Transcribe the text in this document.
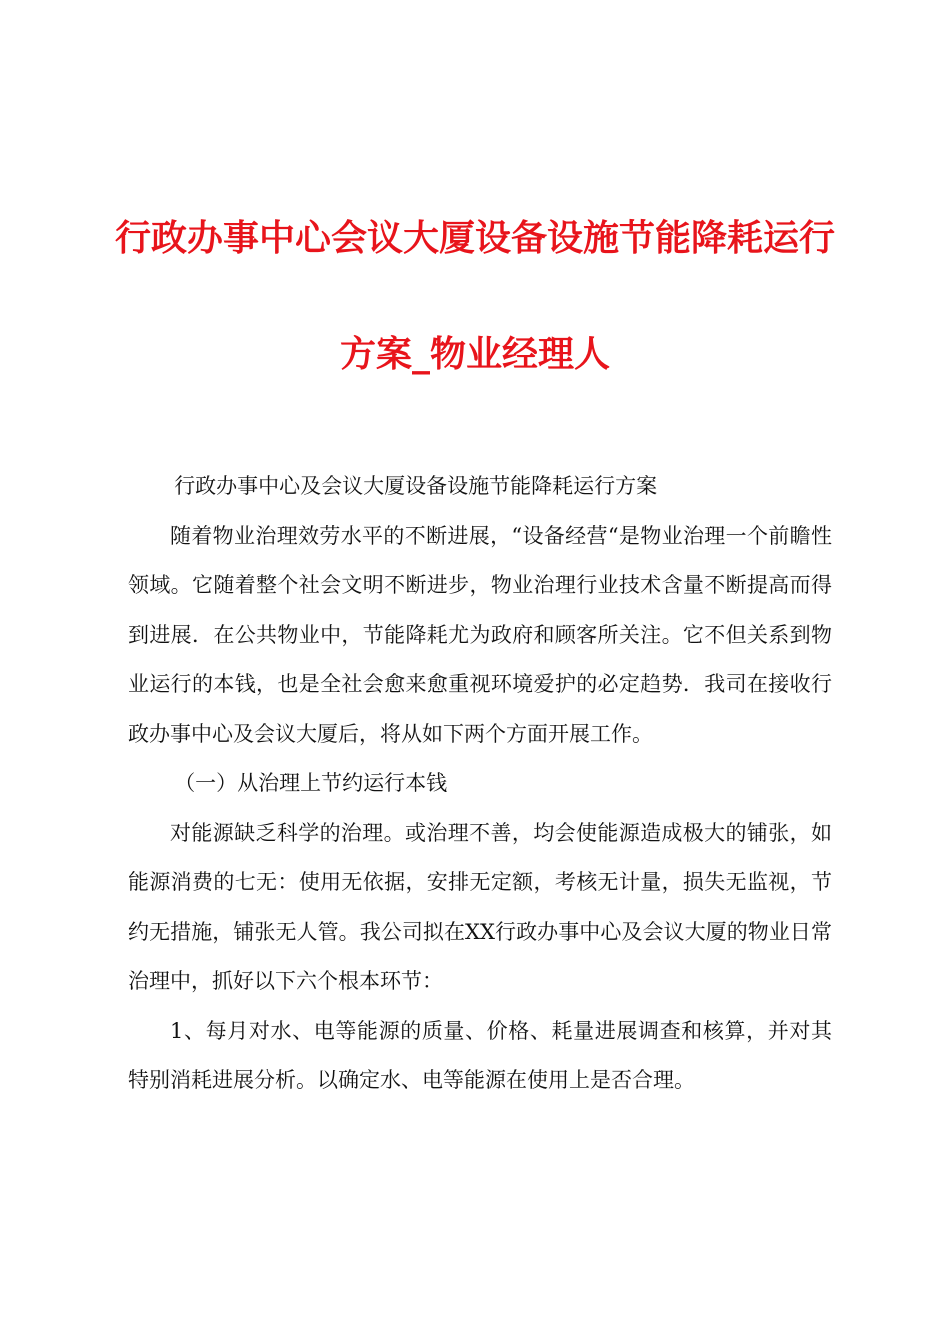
行政办事中心会议大厦设备设施节能降耗运行
方案_物业经理人

行政办事中心及会议大厦设备设施节能降耗运行方案

随着物业治理效劳水平的不断进展，“设备经营“是物业治理一个前瞻性领域。它随着整个社会文明不断进步，物业治理行业技术含量不断提高而得到进展．在公共物业中，节能降耗尤为政府和顾客所关注。它不但关系到物业运行的本钱，也是全社会愈来愈重视环境爱护的必定趋势．我司在接收行政办事中心及会议大厦后，将从如下两个方面开展工作。

（一）从治理上节约运行本钱

对能源缺乏科学的治理。或治理不善，均会使能源造成极大的铺张，如能源消费的七无：使用无依据，安排无定额，考核无计量，损失无监视，节约无措施，铺张无人管。我公司拟在XX行政办事中心及会议大厦的物业日常治理中，抓好以下六个根本环节：

1、每月对水、电等能源的质量、价格、耗量进展调查和核算，并对其特别消耗进展分析。以确定水、电等能源在使用上是否合理。
